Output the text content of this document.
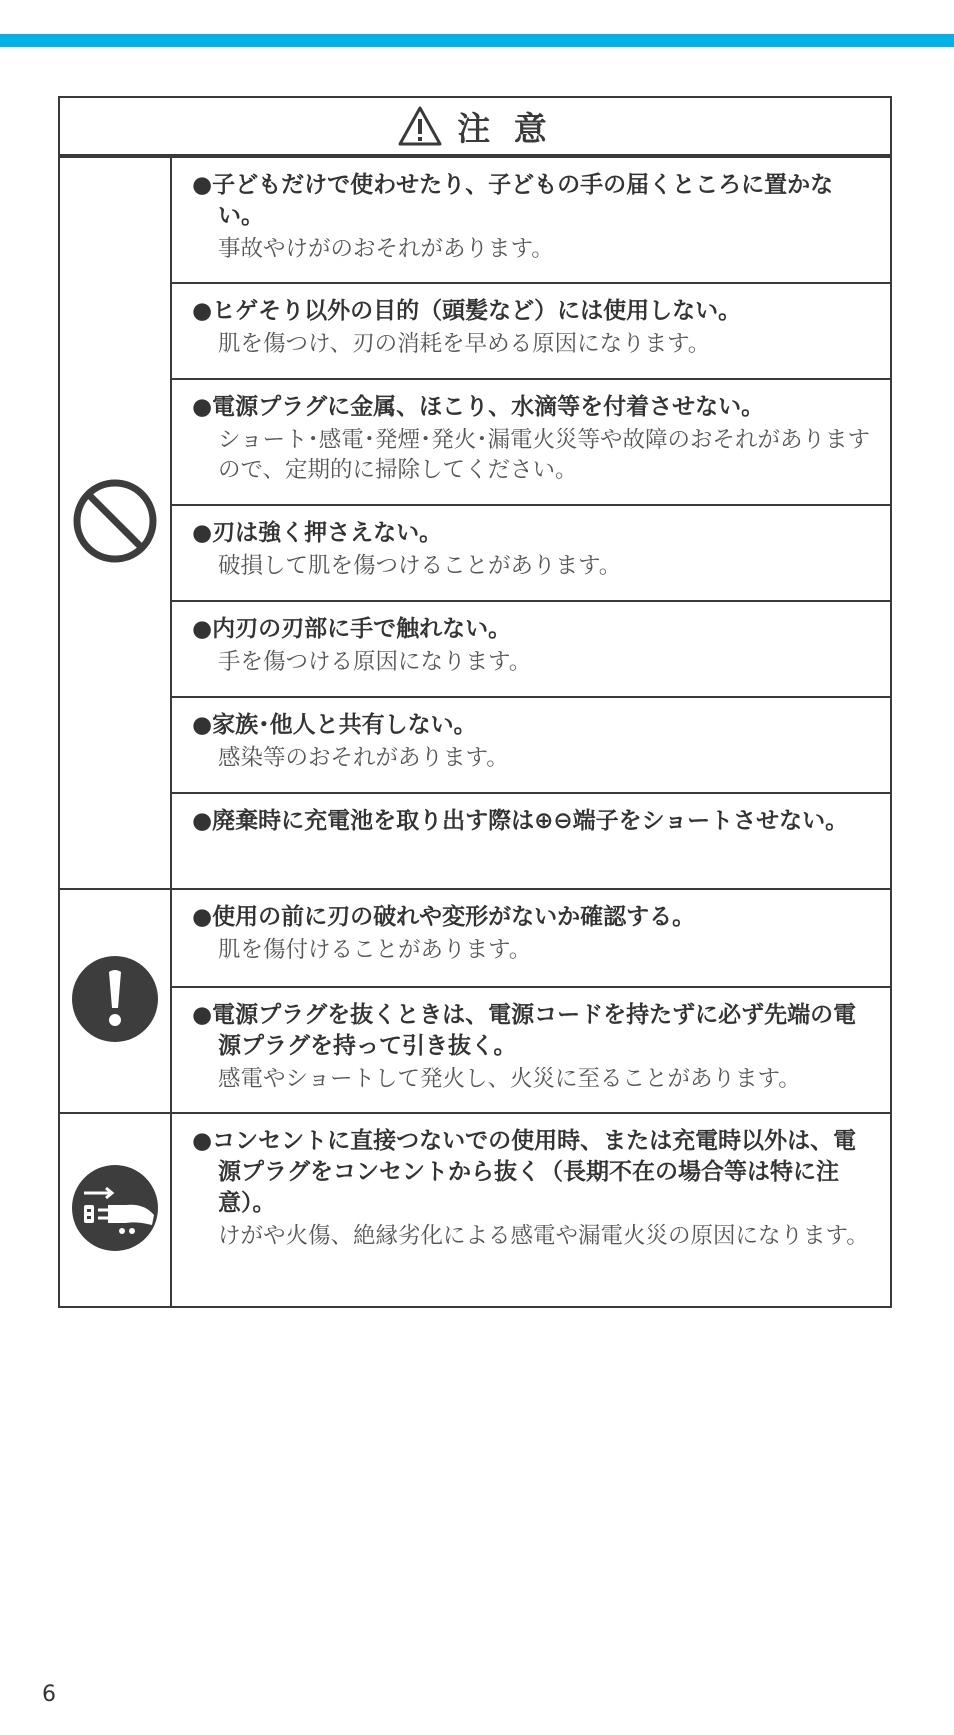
注 意

●子どもだけで使わせたり、子どもの手の届くところに置かない。

事故やけがのおそれがあります。

●ヒゲそり以外の目的（頭髪など）には使用しない。

肌を傷つけ、刃の消耗を早める原因になります。

●電源プラグに金属、ほこり、水滴等を付着させない。

ショート･感電･発煙･発火･漏電火災等や故障のおそれがありますので、定期的に掃除してください。

●刃は強く押さえない。

破損して肌を傷つけることがあります。

●内刃の刃部に手で触れない。

手を傷つける原因になります。

●家族･他人と共有しない。

感染等のおそれがあります。

●廃棄時に充電池を取り出す際は⊕⊖端子をショートさせない。

●使用の前に刃の破れや変形がないか確認する。

肌を傷付けることがあります。

●電源プラグを抜くときは、電源コードを持たずに必ず先端の電源プラグを持って引き抜く。

感電やショートして発火し、火災に至ることがあります。

●コンセントに直接つないでの使用時、または充電時以外は、電源プラグをコンセントから抜く（長期不在の場合等は特に注意）。

けがや火傷、絶縁劣化による感電や漏電火災の原因になります。

6
